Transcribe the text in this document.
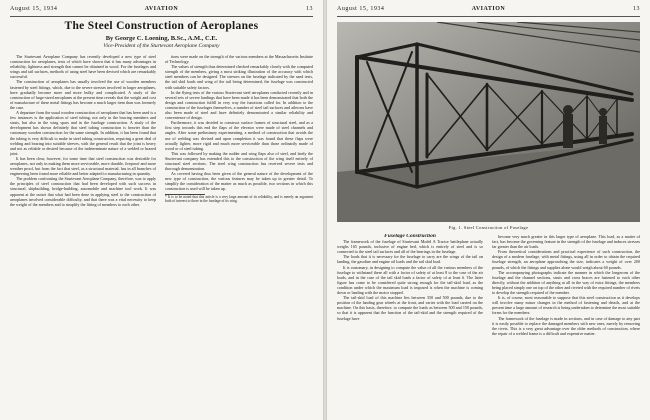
August 15, 1934	AVIATION	13
The Steel Construction of Aeroplanes
By George C. Loening, B.Sc., A.M., C.E.
Vice-President of the Sturtevant Aeroplane Company

The Sturtevant Aeroplane Company has recently developed a new type of steel construction for aeroplanes, tests of which have shown that it has many advantages in reliability, lightness and strength that cannot be obtained in wood. For the fuselages and wings and tail surfaces, methods of using steel have been devised which are remarkably successful.

The construction of aeroplanes has usually involved the use of wooden members fastened by steel fittings, which, due to the severe stresses involved in larger aeroplanes, have gradually become more and more bulky and complicated. A study of the construction of large-sized aeroplanes at the present time reveals that the weight and cost of manufacture of these metal fittings has become a much larger item than was formerly the case.

A departure from the usual wooden construction of aeroplanes that has been used is a few instances is the application of steel tubing, not only in the bracing members and struts, but also in the wing spars and in the fuselage construction. A study of the development has shown definitely that steel tubing construction is heavier than the customary wooden construction for the same strength. In addition, it has been found that the tubing is very difficult to make in steel tubing construction, requiring a great deal of welding and brazing into suitable sleeves, with the general result that the joint is heavy and not as reliable or desired because of the indeterminate nature of a welded or brazed joint.

It has been clear, however, for some time that steel construction was desirable for aeroplanes, not only in making them more serviceable, more durable, fireproof and more weather proof, but from the fact that steel, as a structural material, has in all branches of engineering been found more reliable and better adapted to manufacturing in quantity.

The problem confronting the Sturtevant Aeroplane Company, therefore, was to apply the principles of steel construction that had been developed with such success in structural, shipbuilding, bridge-building, automobile and machine tool work. It was apparent at the outset that what had been done in applying steel to the construction of aeroplanes involved considerable difficulty, and that there was a vital necessity to keep the weight of the members and to simplify the fitting of members to each other.

tions were made on the strength of the various members at the Massachusetts Institute of Technology.

The values of strength thus determined checked remarkably closely with the computed strength of the members, giving a most striking illustration of the accuracy with which steel members can be designed. The stresses on the fuselage indicated by the sand tests, the tail skid loads and wing of the tail being determined, the fuselage was constructed with suitable safety factors.

In the flying tests of the various Sturtevant steel aeroplanes conducted recently and in several sets of severe landings that have been made it has been demonstrated that both the design and construction fulfill in very way the functions called for. In addition to the construction of the fuselages themselves, a number of steel tail surfaces and ailerons have also been made of steel and have definitely demonstrated a similar reliability and convenience of design.

Furthermore, it was decided to construct surface frames of structural steel, and as a first step towards this end the flaps of the elevator were made of steel channels and angles. After some preliminary experimenting, a method of construction that avoids the use of welding was devised and upon completion it was found that these flaps were actually lighter, more rigid and much more serviceable than those ordinarily made of wood or of steel tubing.

This was followed by making the rudder and wing flaps also of steel, and lately the Sturtevant company has extended this to the construction of the wing itself entirely of structural steel sections. The steel wing construction has received severe tests and thorough demonstration.

As covered having thus been given of the general nature of the development of the new type of construction, the various features may be taken up in greater detail. To simplify the consideration of the matter as much as possible, two sections in which this construction is used will be taken up.

* It is to be noted that this article is a very large amount of its reliability, and is merely an argument both of interest to these in the fuselage of its wing.
August 15, 1934	AVIATION	13
Fig. 1. Steel Construction of Fuselage

Fuselage Construction

The framework of the fuselage of Sturtevant Model A Tractor battleplane actually weighs 165 pounds, inclusive of engine bed, which is entirely of steel and is so connected to the steel tail surfaces and all of the bearings in the fuselage.

The loads that it is necessary for the fuselage to carry are the wings of the tail on landing, the gasoline and engine oil loads and the tail skid load.

It is customary, in designing to compute the value of all the various members of the fuselage to withstand these all with a factor of safety of at least 8 to the case of the air loads, and in the case of the tail skid loads a factor of safety of at least 6. The latter figure has come to be considered quite strong enough for the tail-skid load, as the condition under which the maximum load is imposed is when the machine is coming down or landing with the motor stopped.

The tail-skid load of this machine lies between 350 and 500 pounds, due to the position of the landing gear wheels at the front, and varies with the load carried on the machine. On this basis, therefore, to compute the loads as between 500 and 150 pounds, so that it is apparent that the function of the tail-skid and the strength required of the fuselage have

become very much greater in this larger type of aeroplane. This load, as a matter of fact, has become the governing feature in the strength of the fuselage and induces stresses far greater than the air loads.

From theoretical considerations and practical experience of such construction, the design of a modern fuselage, with metal fittings, using all in order to obtain the required fuselage strength, an aeroplane approaching the size, indicates a weight of over 200 pounds, of which the fittings and supplies alone would weigh about 60 pounds.

The accompanying photographs indicate the manner in which the longerons of the fuselage and the channel sections, struts and cross braces are fastened to each other directly, without the addition of anything at all in the way of extra fittings, the members being placed simply one on top of the other and riveted with the required number of rivets to develop the strength required of the member.

It is, of course, most reasonable to suppose that this steel construction as it develops will involve many minor changes in the method of fastening and details, and at the present time a large amount of research is being undertaken to determine the most suitable forms for the members.

The framework of the fuselage is made in sections, and in case of damage to any part it is easily possible to replace the damaged members with new ones, merely by removing the rivets. This is a very great advantage over the older methods of construction, where the repair of a welded frame is a difficult and expensive matter.
